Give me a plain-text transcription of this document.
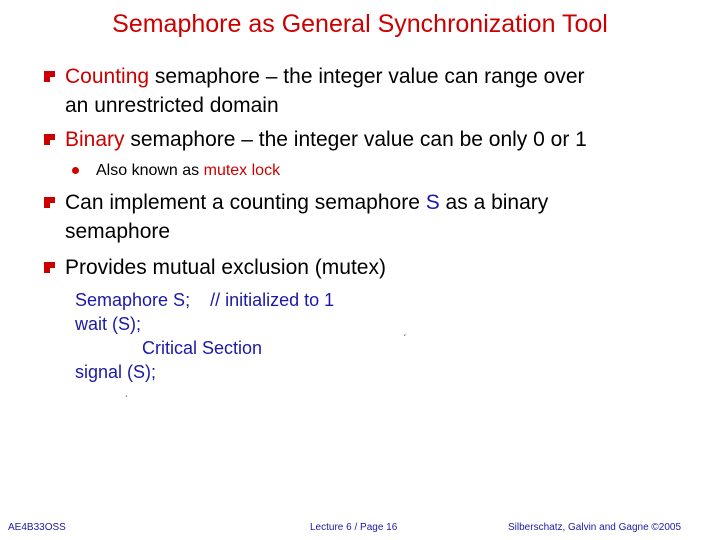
Semaphore as General Synchronization Tool
Counting semaphore – the integer value can range over
an unrestricted domain
Binary semaphore – the integer value can be only 0 or 1
Also known as mutex lock
Can implement a counting semaphore S as a binary
semaphore
Provides mutual exclusion (mutex)
Semaphore S; // initialized to 1
wait (S);
Critical Section
signal (S);
ˏ
ˎ
AE4B33OSS	Lecture 6 / Page 16	Silberschatz, Galvin and Gagne ©2005
